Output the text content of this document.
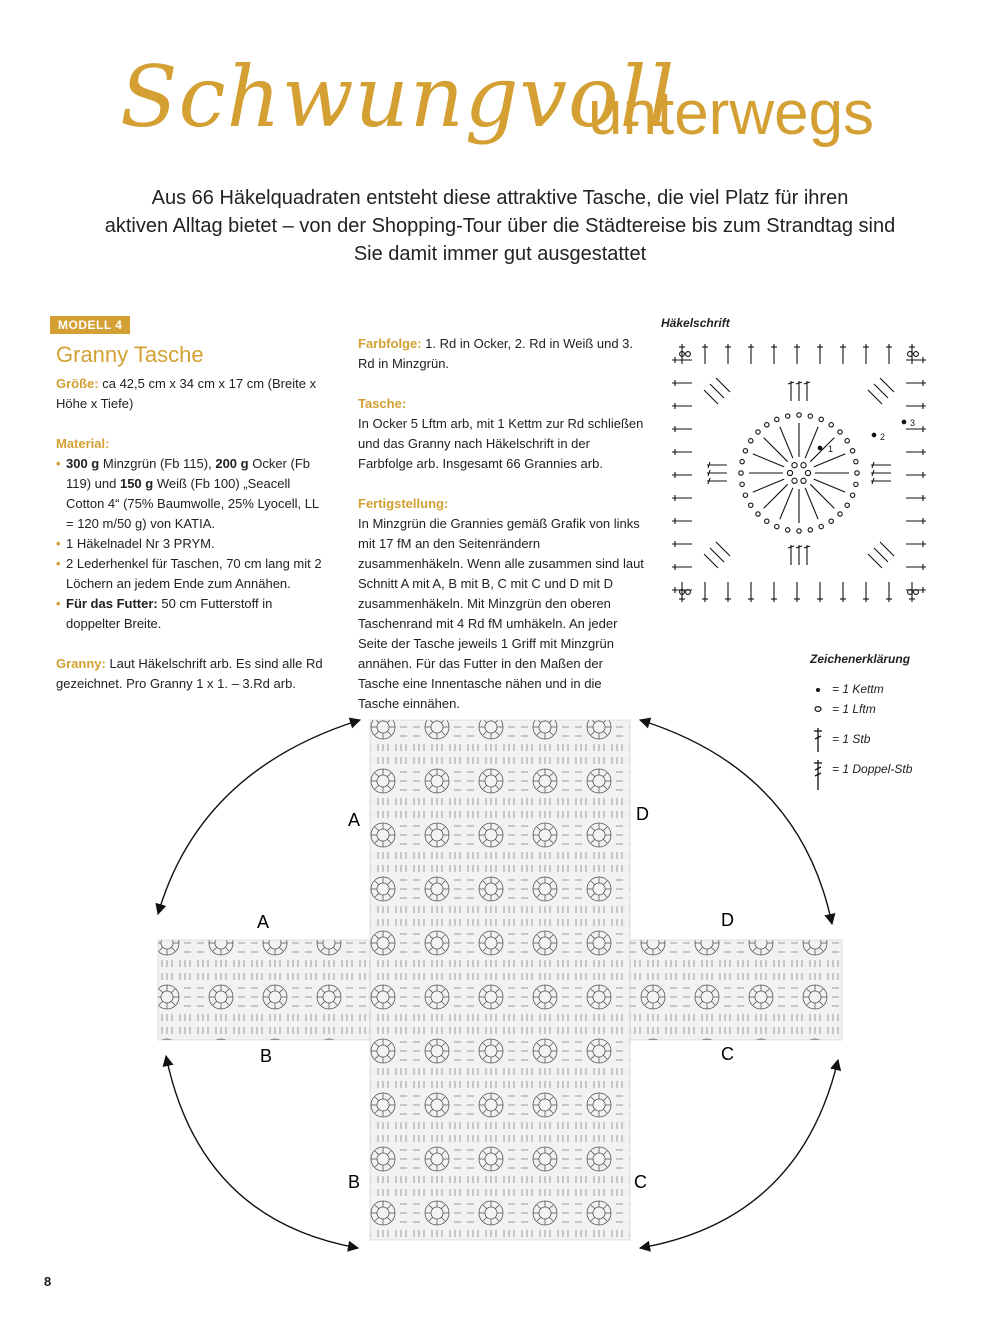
Schwungvoll
unterwegs
Aus 66 Häkelquadraten entsteht diese attraktive Tasche, die viel Platz für ihren
aktiven Alltag bietet – von der Shopping-Tour über die Städtereise bis zum Strandtag sind
Sie damit immer gut ausgestattet
MODELL 4
Granny Tasche

Größe: ca 42,5 cm x 34 cm x 17 cm (Breite x Höhe x Tiefe)

Material:

• 300 g Minzgrün (Fb 115), 200 g Ocker (Fb 119) und 150 g Weiß (Fb 100) „Seacell Cotton 4“ (75% Baumwolle, 25% Lyocell, LL = 120 m/50 g) von KATIA.
• 1 Häkelnadel Nr 3 PRYM.
• 2 Lederhenkel für Taschen, 70 cm lang mit 2 Löchern an jedem Ende zum Annähen.
• Für das Futter: 50 cm Futterstoff in doppelter Breite.

Granny: Laut Häkelschrift arb. Es sind alle Rd gezeichnet. Pro Granny 1 x 1. – 3.Rd arb.

Farbfolge: 1. Rd in Ocker, 2. Rd in Weiß und 3. Rd in Minzgrün.

Tasche:

In Ocker 5 Lftm arb, mit 1 Kettm zur Rd schließen und das Granny nach Häkelschrift in der Farbfolge arb. Insgesamt 66 Grannies arb.

Fertigstellung:

In Minzgrün die Grannies gemäß Grafik von links mit 17 fM an den Seitenrändern zusammenhäkeln. Wenn alle zusammen sind laut Schnitt A mit A, B mit B, C mit C und D mit D zusammenhäkeln. Mit Minzgrün den oberen Taschenrand mit 4 Rd fM umhäkeln. An jeder Seite der Tasche jeweils 1 Griff mit Minzgrün annähen. Für das Futter in den Maßen der Tasche eine Innentasche nähen und in die Tasche einnähen.

Häkelschrift
1
2
3
Zeichenerklärung
= 1 Kettm
= 1 Lftm
= 1 Stb
= 1 Doppel-Stb
A	D
A	D
B	C
B	C
8
